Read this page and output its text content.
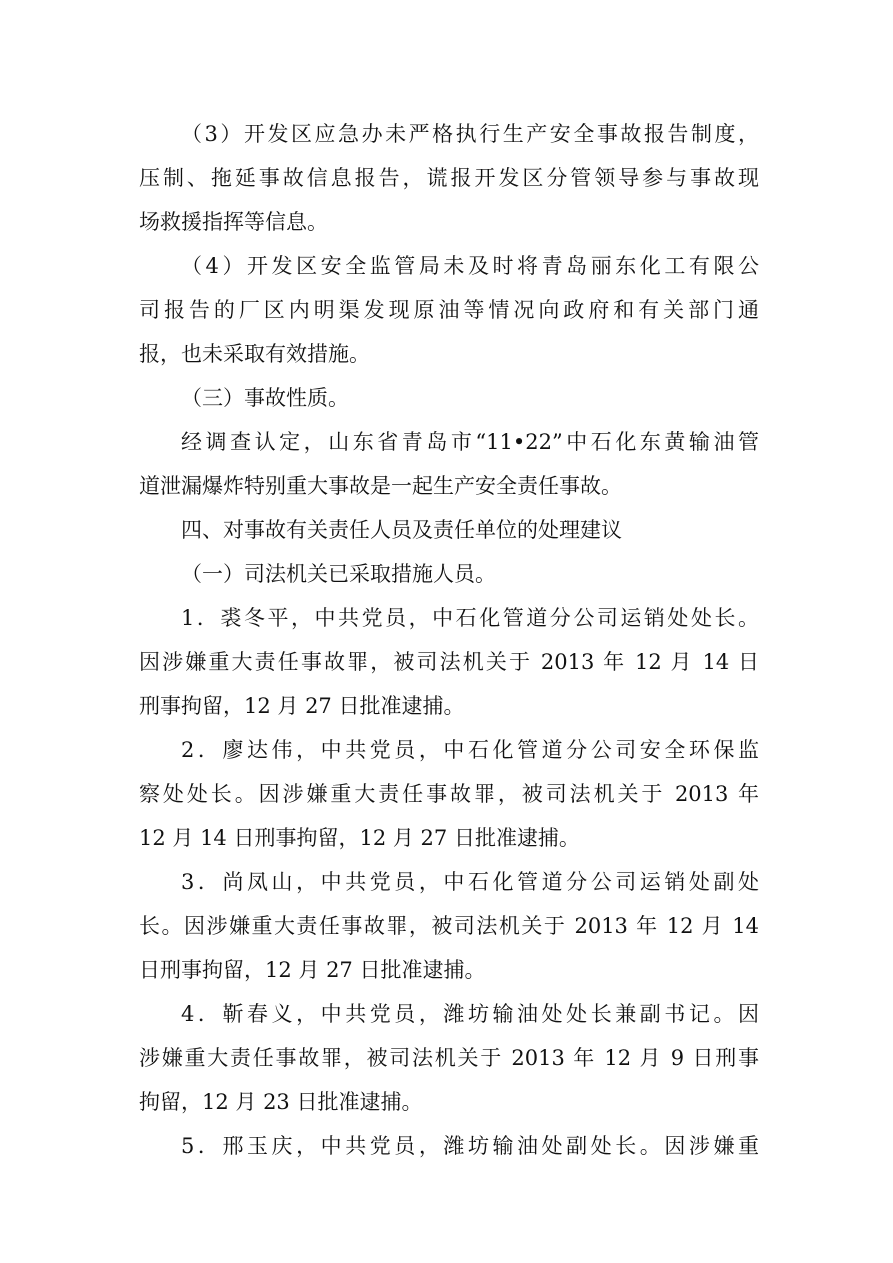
（3）开发区应急办未严格执行生产安全事故报告制度，
压制、拖延事故信息报告，谎报开发区分管领导参与事故现
场救援指挥等信息。
（4）开发区安全监管局未及时将青岛丽东化工有限公
司报告的厂区内明渠发现原油等情况向政府和有关部门通
报，也未采取有效措施。
（三）事故性质。
经调查认定，山东省青岛市“11•22”中石化东黄输油管
道泄漏爆炸特别重大事故是一起生产安全责任事故。
四、对事故有关责任人员及责任单位的处理建议
（一）司法机关已采取措施人员。
1．裘冬平，中共党员，中石化管道分公司运销处处长。
因涉嫌重大责任事故罪，被司法机关于 2013 年 12 月 14 日
刑事拘留，12 月 27 日批准逮捕。
2．廖达伟，中共党员，中石化管道分公司安全环保监
察处处长。因涉嫌重大责任事故罪，被司法机关于 2013 年
12 月 14 日刑事拘留，12 月 27 日批准逮捕。
3．尚凤山，中共党员，中石化管道分公司运销处副处
长。因涉嫌重大责任事故罪，被司法机关于 2013 年 12 月 14
日刑事拘留，12 月 27 日批准逮捕。
4．靳春义，中共党员，潍坊输油处处长兼副书记。因
涉嫌重大责任事故罪，被司法机关于 2013 年 12 月 9 日刑事
拘留，12 月 23 日批准逮捕。
5．邢玉庆，中共党员，潍坊输油处副处长。因涉嫌重
